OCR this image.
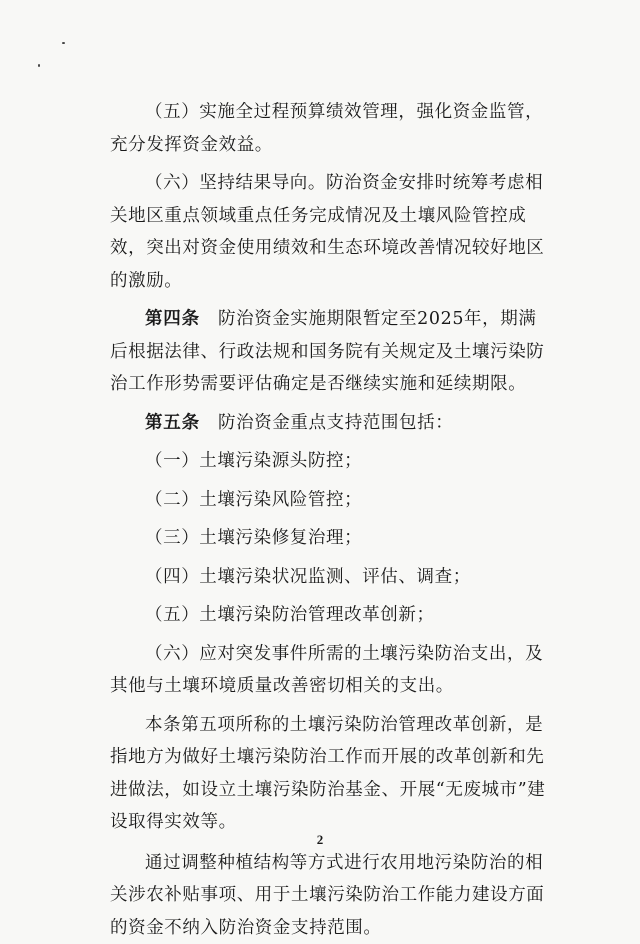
（五）实施全过程预算绩效管理，强化资金监管，充分发挥资金效益。

（六）坚持结果导向。防治资金安排时统筹考虑相关地区重点领域重点任务完成情况及土壤风险管控成效，突出对资金使用绩效和生态环境改善情况较好地区的激励。

第四条　 防治资金实施期限暂定至2025年，期满后根据法律、行政法规和国务院有关规定及土壤污染防治工作形势需要评估确定是否继续实施和延续期限。

第五条　 防治资金重点支持范围包括：

（一）土壤污染源头防控；

（二）土壤污染风险管控；

（三）土壤污染修复治理；

（四）土壤污染状况监测、评估、调查；

（五）土壤污染防治管理改革创新；

（六）应对突发事件所需的土壤污染防治支出，及其他与土壤环境质量改善密切相关的支出。

本条第五项所称的土壤污染防治管理改革创新，是指地方为做好土壤污染防治工作而开展的改革创新和先进做法，如设立土壤污染防治基金、开展“无废城市”建设取得实效等。

通过调整种植结构等方式进行农用地污染防治的相关涉农补贴事项、用于土壤污染防治工作能力建设方面的资金不纳入防治资金支持范围。

2
